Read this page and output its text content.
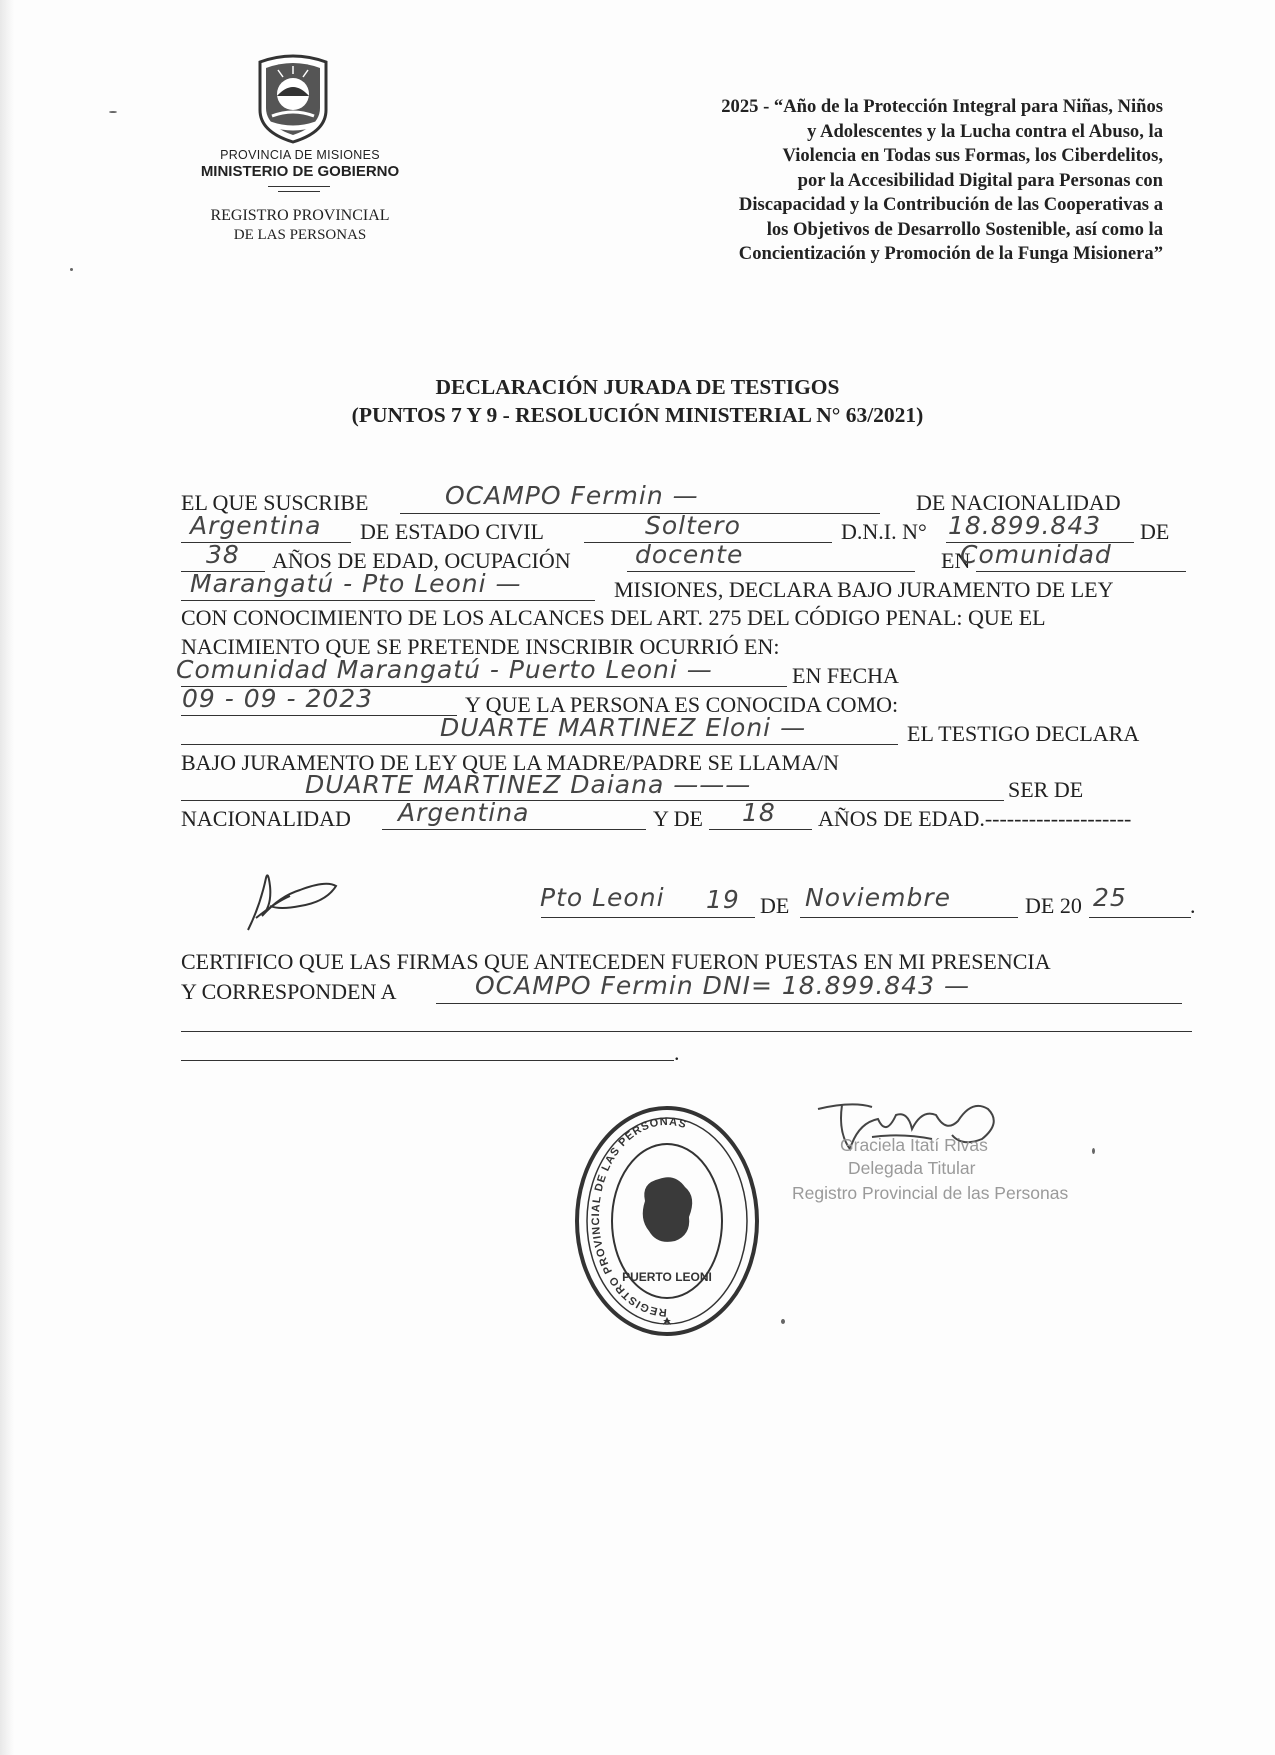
PROVINCIA DE MISIONES
MINISTERIO DE GOBIERNO
REGISTRO PROVINCIAL
DE LAS PERSONAS
2025 - “Año de la Protección Integral para Niñas, Niños
y Adolescentes y la Lucha contra el Abuso, la
Violencia en Todas sus Formas, los Ciberdelitos,
por la Accesibilidad Digital para Personas con
Discapacidad y la Contribución de las Cooperativas a
los Objetivos de Desarrollo Sostenible, así como la
Concientización y Promoción de la Funga Misionera”
DECLARACIÓN JURADA DE TESTIGOS
(PUNTOS 7 Y 9 - RESOLUCIÓN MINISTERIAL N° 63/2021)
EL QUE SUSCRIBE	OCAMPO Fermin —	DE NACIONALIDAD
Argentina DE ESTADO CIVIL	Soltero	D.N.I. N° 18.899.843 DE
38 AÑOS DE EDAD, OCUPACIÓN	docente	EN
Comunidad
Marangatú - Pto Leoni —	MISIONES, DECLARA BAJO JURAMENTO DE LEY
CON CONOCIMIENTO DE LOS ALCANCES DEL ART. 275 DEL CÓDIGO PENAL: QUE EL
NACIMIENTO QUE SE PRETENDE INSCRIBIR OCURRIÓ EN:
Comunidad Marangatú - Puerto Leoni —	EN FECHA
09 - 09 - 2023	Y QUE LA PERSONA ES CONOCIDA COMO:
DUARTE MARTINEZ Eloni —	EL TESTIGO DECLARA
BAJO JURAMENTO DE LEY QUE LA MADRE/PADRE SE LLAMA/N
DUARTE MARTINEZ Daiana ———	SER DE
NACIONALIDAD Argentina	Y DE 18 AÑOS DE EDAD.--------------------
Pto Leoni 19 DE Noviembre	DE 20 25	.
CERTIFICO QUE LAS FIRMAS QUE ANTECEDEN FUERON PUESTAS EN MI PRESENCIA
Y CORRESPONDEN A	OCAMPO Fermin DNI= 18.899.843 —
.
REGISTRO PROVINCIAL DE LAS PERSONAS
PUERTO LEONI
Graciela Itatí Rivas
Delegada Titular
Registro Provincial de las Personas
